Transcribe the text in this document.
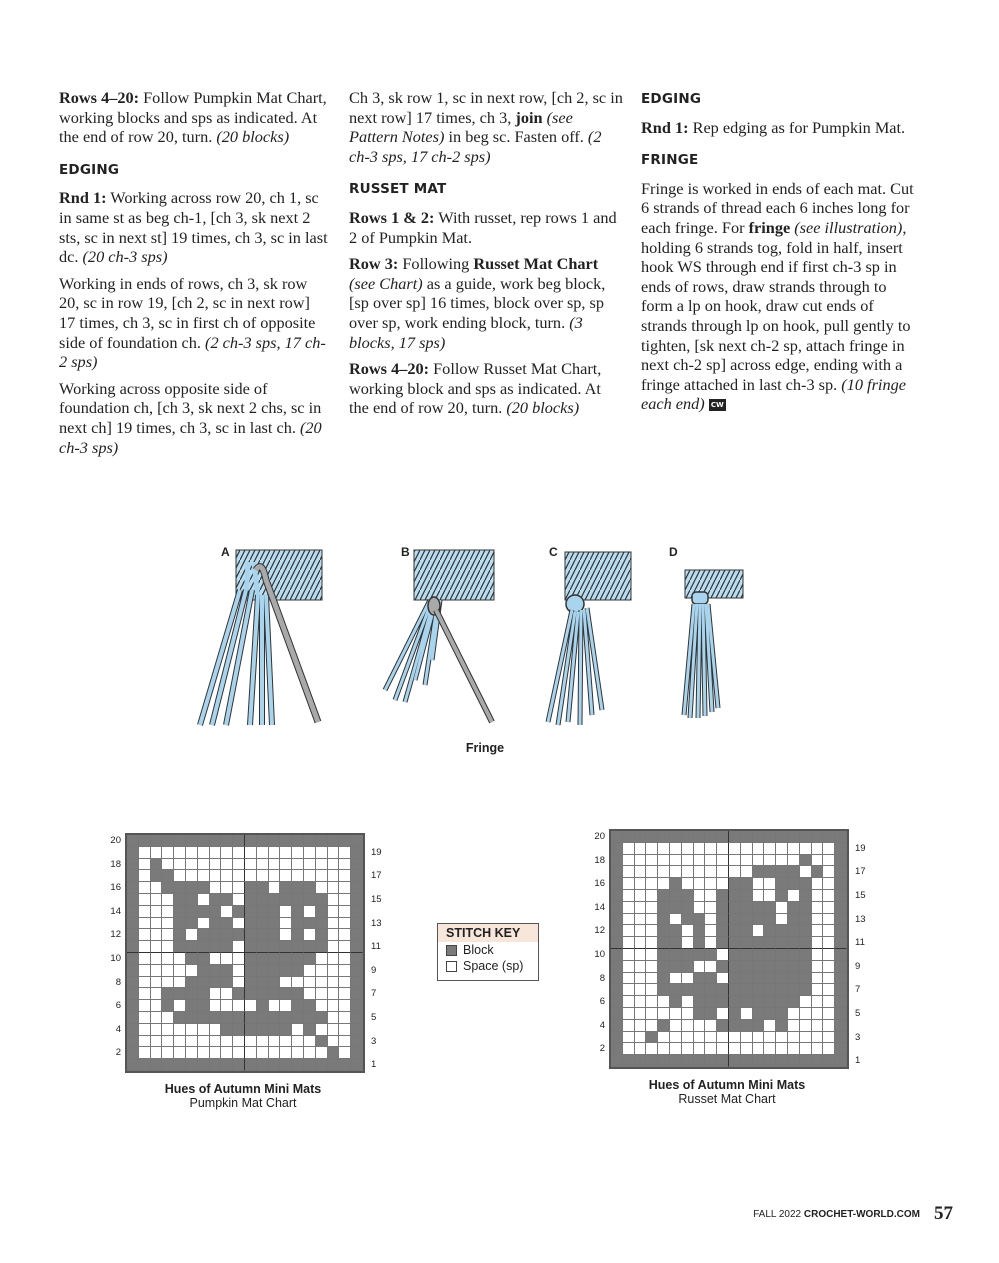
Rows 4–20: Follow Pumpkin Mat Chart, working blocks and sps as indicated. At the end of row 20, turn. (20 blocks)

EDGING

Rnd 1: Working across row 20, ch 1, sc in same st as beg ch-1, [ch 3, sk next 2 sts, sc in next st] 19 times, ch 3, sc in last dc. (20 ch-3 sps)

Working in ends of rows, ch 3, sk row 20, sc in row 19, [ch 2, sc in next row] 17 times, ch 3, sc in first ch of opposite side of foundation ch. (2 ch-3 sps, 17 ch-2 sps)

Working across opposite side of foundation ch, [ch 3, sk next 2 chs, sc in next ch] 19 times, ch 3, sc in last ch. (20 ch-3 sps)

Ch 3, sk row 1, sc in next row, [ch 2, sc in next row] 17 times, ch 3, join (see Pattern Notes) in beg sc. Fasten off. (2 ch-3 sps, 17 ch-2 sps)

RUSSET MAT

Rows 1 & 2: With russet, rep rows 1 and 2 of Pumpkin Mat.

Row 3: Following Russet Mat Chart (see Chart) as a guide, work beg block, [sp over sp] 16 times, block over sp, sp over sp, work ending block, turn. (3 blocks, 17 sps)

Rows 4–20: Follow Russet Mat Chart, working block and sps as indicated. At the end of row 20, turn. (20 blocks)

EDGING

Rnd 1: Rep edging as for Pumpkin Mat.

FRINGE

Fringe is worked in ends of each mat. Cut 6 strands of thread each 6 inches long for each fringe. For fringe (see illustration), holding 6 strands tog, fold in half, insert hook WS through end if first ch-3 sp in ends of rows, draw strands through to form a lp on hook, draw cut ends of strands through lp on hook, pull gently to tighten, [sk next ch-2 sp, attach fringe in next ch-2 sp] across edge, ending with a fringe attached in last ch-3 sp. (10 fringe each end) CW

A	B	C	D
Fringe
20
18
16
14
12
10
8
6
4
2
19
17
15
13
11
9
7
5
3
1
Hues of Autumn Mini Mats
Pumpkin Mat Chart
STITCH KEY
Block
Space (sp)
20
18
16
14
12
10
8
6
4
2
19
17
15
13
11
9
7
5
3
1
Hues of Autumn Mini Mats
Russet Mat Chart
FALL 2022 CROCHET-WORLD.COM 57
